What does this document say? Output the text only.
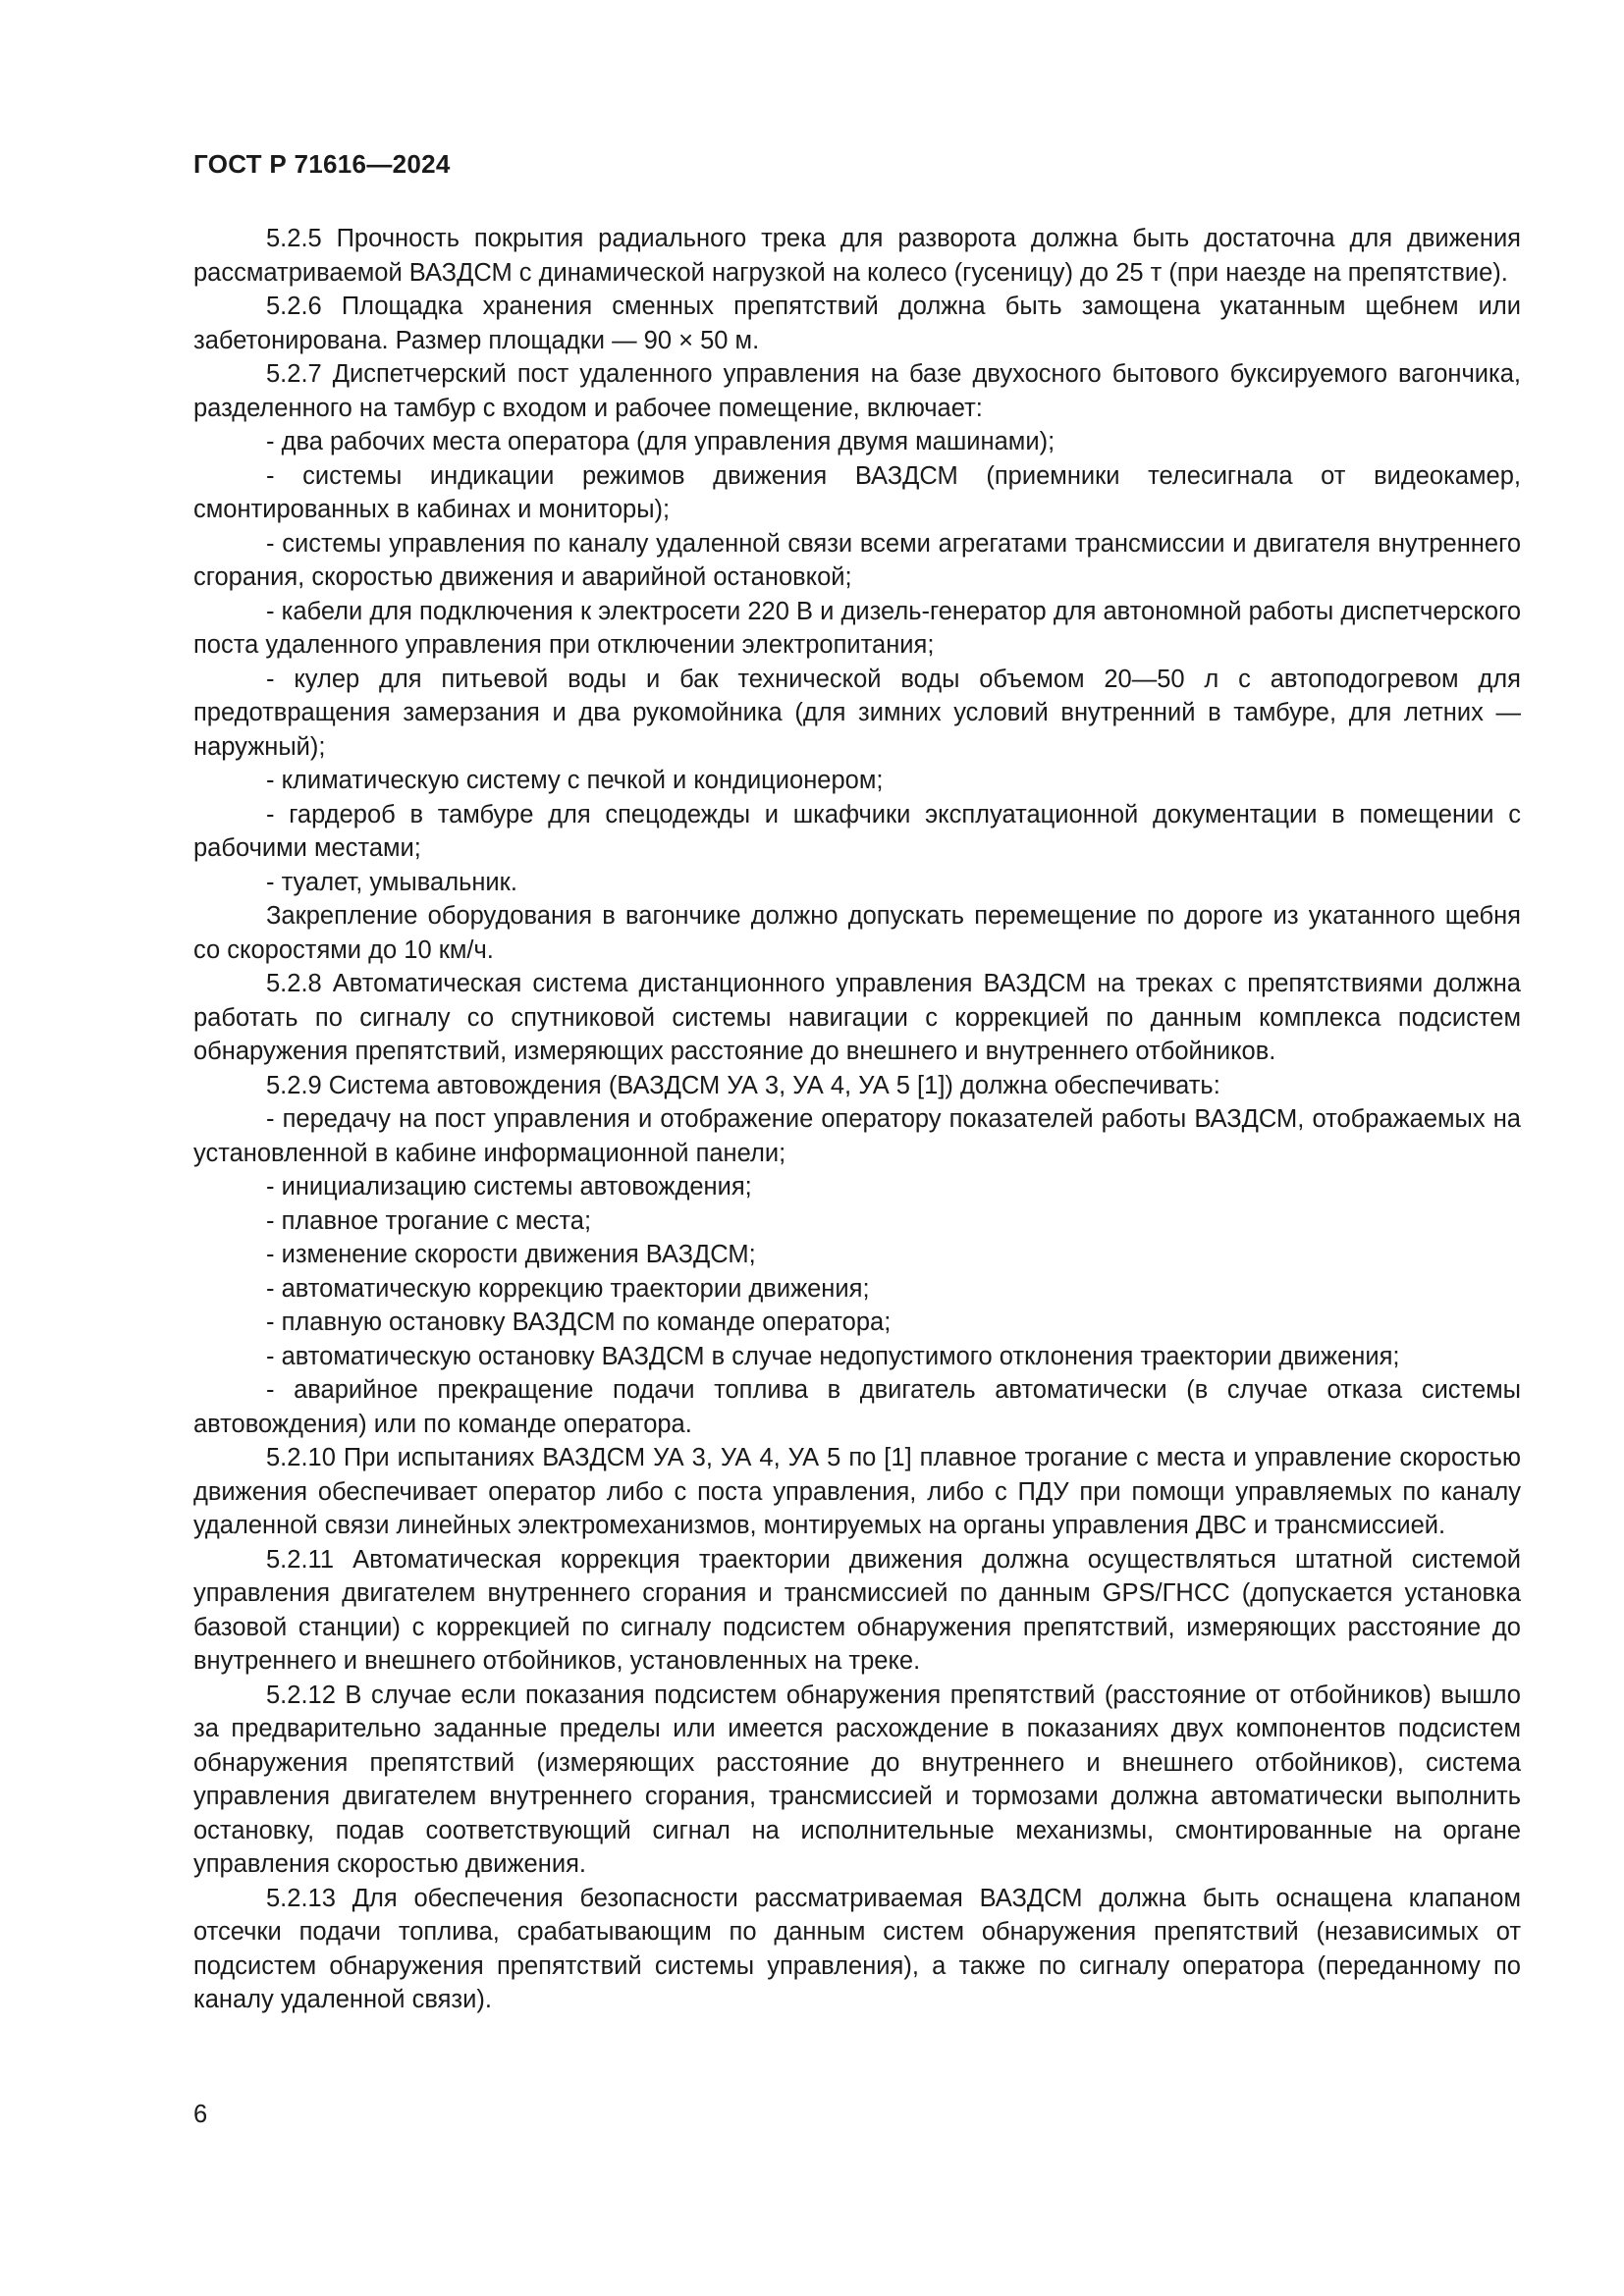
ГОСТ Р 71616—2024

5.2.5 Прочность покрытия радиального трека для разворота должна быть достаточна для движения рассматриваемой ВАЗДСМ с динамической нагрузкой на колесо (гусеницу) до 25 т (при наезде на препятствие).

5.2.6 Площадка хранения сменных препятствий должна быть замощена укатанным щебнем или забетонирована. Размер площадки — 90 × 50 м.

5.2.7 Диспетчерский пост удаленного управления на базе двухосного бытового буксируемого вагончика, разделенного на тамбур с входом и рабочее помещение, включает:

- два рабочих места оператора (для управления двумя машинами);

- системы индикации режимов движения ВАЗДСМ (приемники телесигнала от видеокамер, смонтированных в кабинах и мониторы);

- системы управления по каналу удаленной связи всеми агрегатами трансмиссии и двигателя внутреннего сгорания, скоростью движения и аварийной остановкой;

- кабели для подключения к электросети 220 В и дизель-генератор для автономной работы диспетчерского поста удаленного управления при отключении электропитания;

- кулер для питьевой воды и бак технической воды объемом 20—50 л с автоподогревом для предотвращения замерзания и два рукомойника (для зимних условий внутренний в тамбуре, для летних — наружный);

- климатическую систему с печкой и кондиционером;

- гардероб в тамбуре для спецодежды и шкафчики эксплуатационной документации в помещении с рабочими местами;

- туалет, умывальник.

Закрепление оборудования в вагончике должно допускать перемещение по дороге из укатанного щебня со скоростями до 10 км/ч.

5.2.8 Автоматическая система дистанционного управления ВАЗДСМ на треках с препятствиями должна работать по сигналу со спутниковой системы навигации с коррекцией по данным комплекса подсистем обнаружения препятствий, измеряющих расстояние до внешнего и внутреннего отбойников.

5.2.9 Система автовождения (ВАЗДСМ УА 3, УА 4, УА 5 [1]) должна обеспечивать:

- передачу на пост управления и отображение оператору показателей работы ВАЗДСМ, отображаемых на установленной в кабине информационной панели;

- инициализацию системы автовождения;

- плавное трогание с места;

- изменение скорости движения ВАЗДСМ;

- автоматическую коррекцию траектории движения;

- плавную остановку ВАЗДСМ по команде оператора;

- автоматическую остановку ВАЗДСМ в случае недопустимого отклонения траектории движения;

- аварийное прекращение подачи топлива в двигатель автоматически (в случае отказа системы автовождения) или по команде оператора.

5.2.10 При испытаниях ВАЗДСМ УА 3, УА 4, УА 5 по [1] плавное трогание с места и управление скоростью движения обеспечивает оператор либо с поста управления, либо с ПДУ при помощи управляемых по каналу удаленной связи линейных электромеханизмов, монтируемых на органы управления ДВС и трансмиссией.

5.2.11 Автоматическая коррекция траектории движения должна осуществляться штатной системой управления двигателем внутреннего сгорания и трансмиссией по данным GPS/ГНСС (допускается установка базовой станции) с коррекцией по сигналу подсистем обнаружения препятствий, измеряющих расстояние до внутреннего и внешнего отбойников, установленных на треке.

5.2.12 В случае если показания подсистем обнаружения препятствий (расстояние от отбойников) вышло за предварительно заданные пределы или имеется расхождение в показаниях двух компонентов подсистем обнаружения препятствий (измеряющих расстояние до внутреннего и внешнего отбойников), система управления двигателем внутреннего сгорания, трансмиссией и тормозами должна автоматически выполнить остановку, подав соответствующий сигнал на исполнительные механизмы, смонтированные на органе управления скоростью движения.

5.2.13 Для обеспечения безопасности рассматриваемая ВАЗДСМ должна быть оснащена клапаном отсечки подачи топлива, срабатывающим по данным систем обнаружения препятствий (независимых от подсистем обнаружения препятствий системы управления), а также по сигналу оператора (переданному по каналу удаленной связи).

6
